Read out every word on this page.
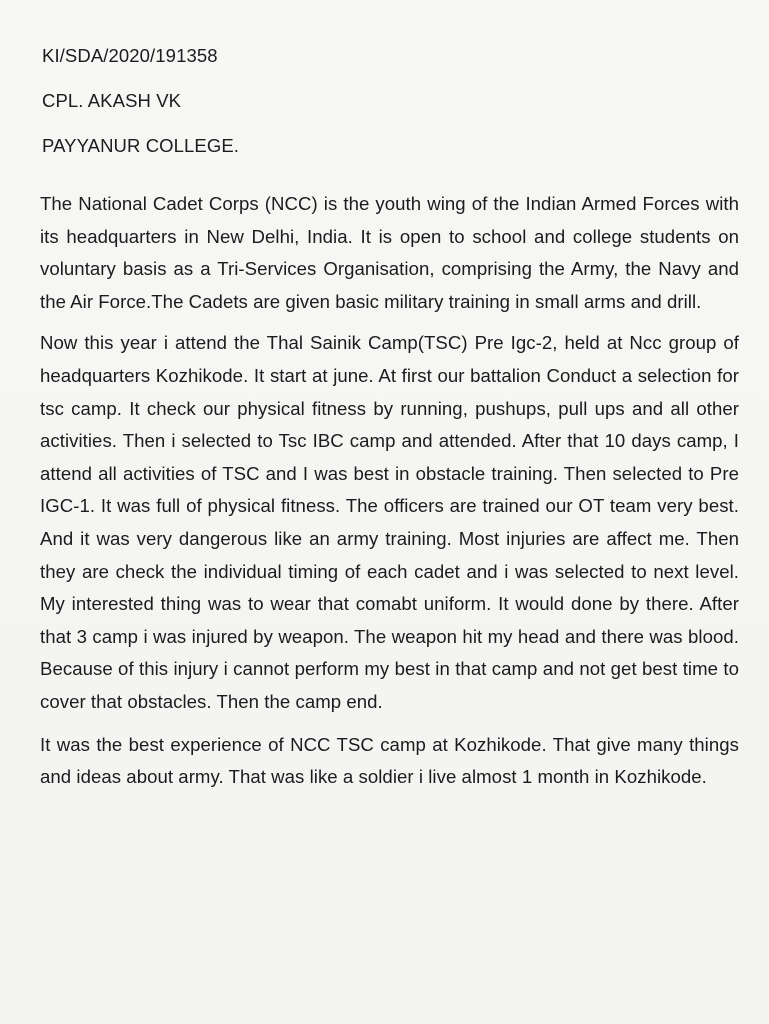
KI/SDA/2020/191358
CPL. AKASH VK
PAYYANUR COLLEGE.

The National Cadet Corps (NCC) is the youth wing of the Indian Armed Forces with its headquarters in New Delhi, India. It is open to school and college students on voluntary basis as a Tri-Services Organisation, comprising the Army, the Navy and the Air Force.The Cadets are given basic military training in small arms and drill.

Now this year i attend the Thal Sainik Camp(TSC) Pre Igc-2, held at Ncc group of headquarters Kozhikode. It start at june. At first our battalion Conduct a selection for tsc camp. It check our physical fitness by running, pushups, pull ups and all other activities. Then i selected to Tsc IBC camp and attended. After that 10 days camp, I attend all activities of TSC and I was best in obstacle training. Then selected to Pre IGC-1. It was full of physical fitness. The officers are trained our OT team very best. And it was very dangerous like an army training. Most injuries are affect me. Then they are check the individual timing of each cadet and i was selected to next level. My interested thing was to wear that comabt uniform. It would done by there. After that 3 camp i was injured by weapon. The weapon hit my head and there was blood. Because of this injury i cannot perform my best in that camp and not get best time to cover that obstacles. Then the camp end.

It was the best experience of NCC TSC camp at Kozhikode. That give many things and ideas about army. That was like a soldier i live almost 1 month in Kozhikode.
